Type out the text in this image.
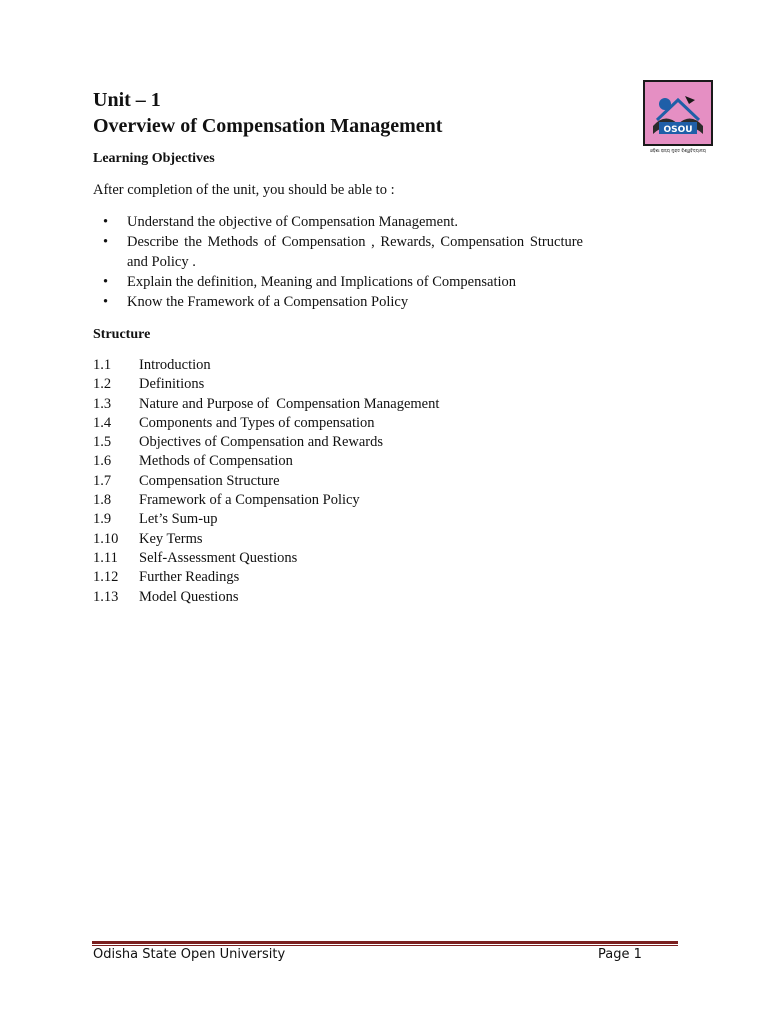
Unit – 1
Overview of Compensation Management	OSOU
ଓଡ଼ିଶା ରାଜ୍ୟ ମୁକ୍ତ ବିଶ୍ୱବିଦ୍ୟାଳୟ
Learning Objectives

After completion of the unit, you should be able to :

• Understand the objective of Compensation Management.
• Describe the Methods of Compensation , Rewards, Compensation Structure and Policy .
• Explain the definition, Meaning and Implications of Compensation
• Know the Framework of a Compensation Policy
Structure
1.1	Introduction
1.2	Definitions
1.3	Nature and Purpose of  Compensation Management
1.4	Components and Types of compensation
1.5	Objectives of Compensation and Rewards
1.6	Methods of Compensation
1.7	Compensation Structure
1.8	Framework of a Compensation Policy
1.9	Let’s Sum-up
1.10	Key Terms
1.11	Self-Assessment Questions
1.12	Further Readings
1.13	Model Questions
Odisha State Open University	Page 1
